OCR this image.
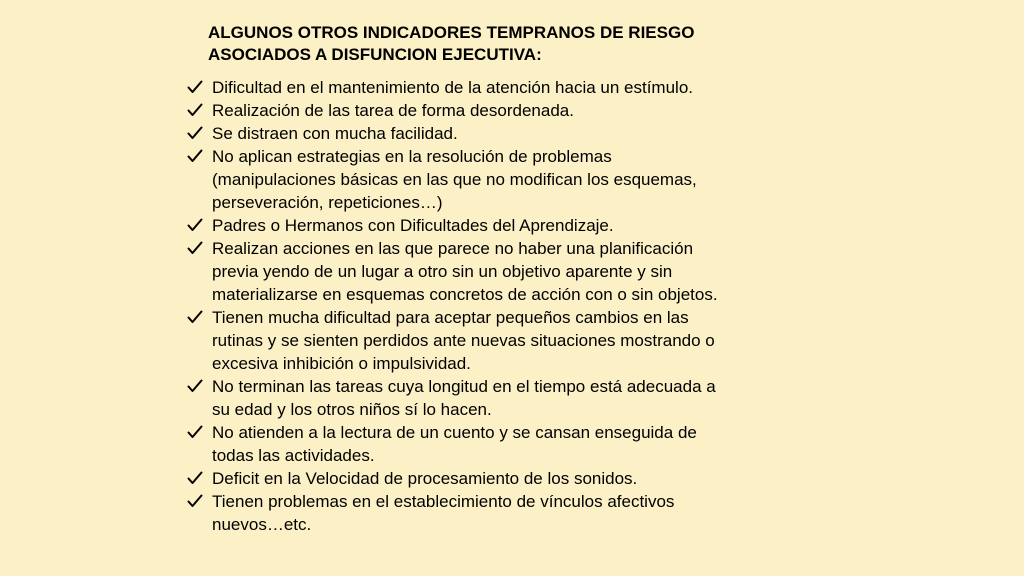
ALGUNOS OTROS INDICADORES TEMPRANOS DE RIESGO
ASOCIADOS A DISFUNCION EJECUTIVA:
Dificultad en el mantenimiento de la atención hacia un estímulo.
Realización de las tarea de forma desordenada.
Se distraen con mucha facilidad.
No aplican estrategias en la resolución de problemas
(manipulaciones básicas en las que no modifican los esquemas,
perseveración, repeticiones…)
Padres o Hermanos con Dificultades del Aprendizaje.
Realizan acciones en las que parece no haber una planificación
previa yendo de un lugar a otro sin un objetivo aparente y sin
materializarse en esquemas concretos de acción con o sin objetos.
Tienen mucha dificultad para aceptar pequeños cambios en las
rutinas y se sienten perdidos ante nuevas situaciones mostrando o
excesiva inhibición o impulsividad.
No terminan las tareas cuya longitud en el tiempo está adecuada a
su edad y los otros niños sí lo hacen.
No atienden a la lectura de un cuento y se cansan enseguida de
todas las actividades.
Deficit en la Velocidad de procesamiento de los sonidos.
Tienen problemas en el establecimiento de vínculos afectivos
nuevos…etc.
